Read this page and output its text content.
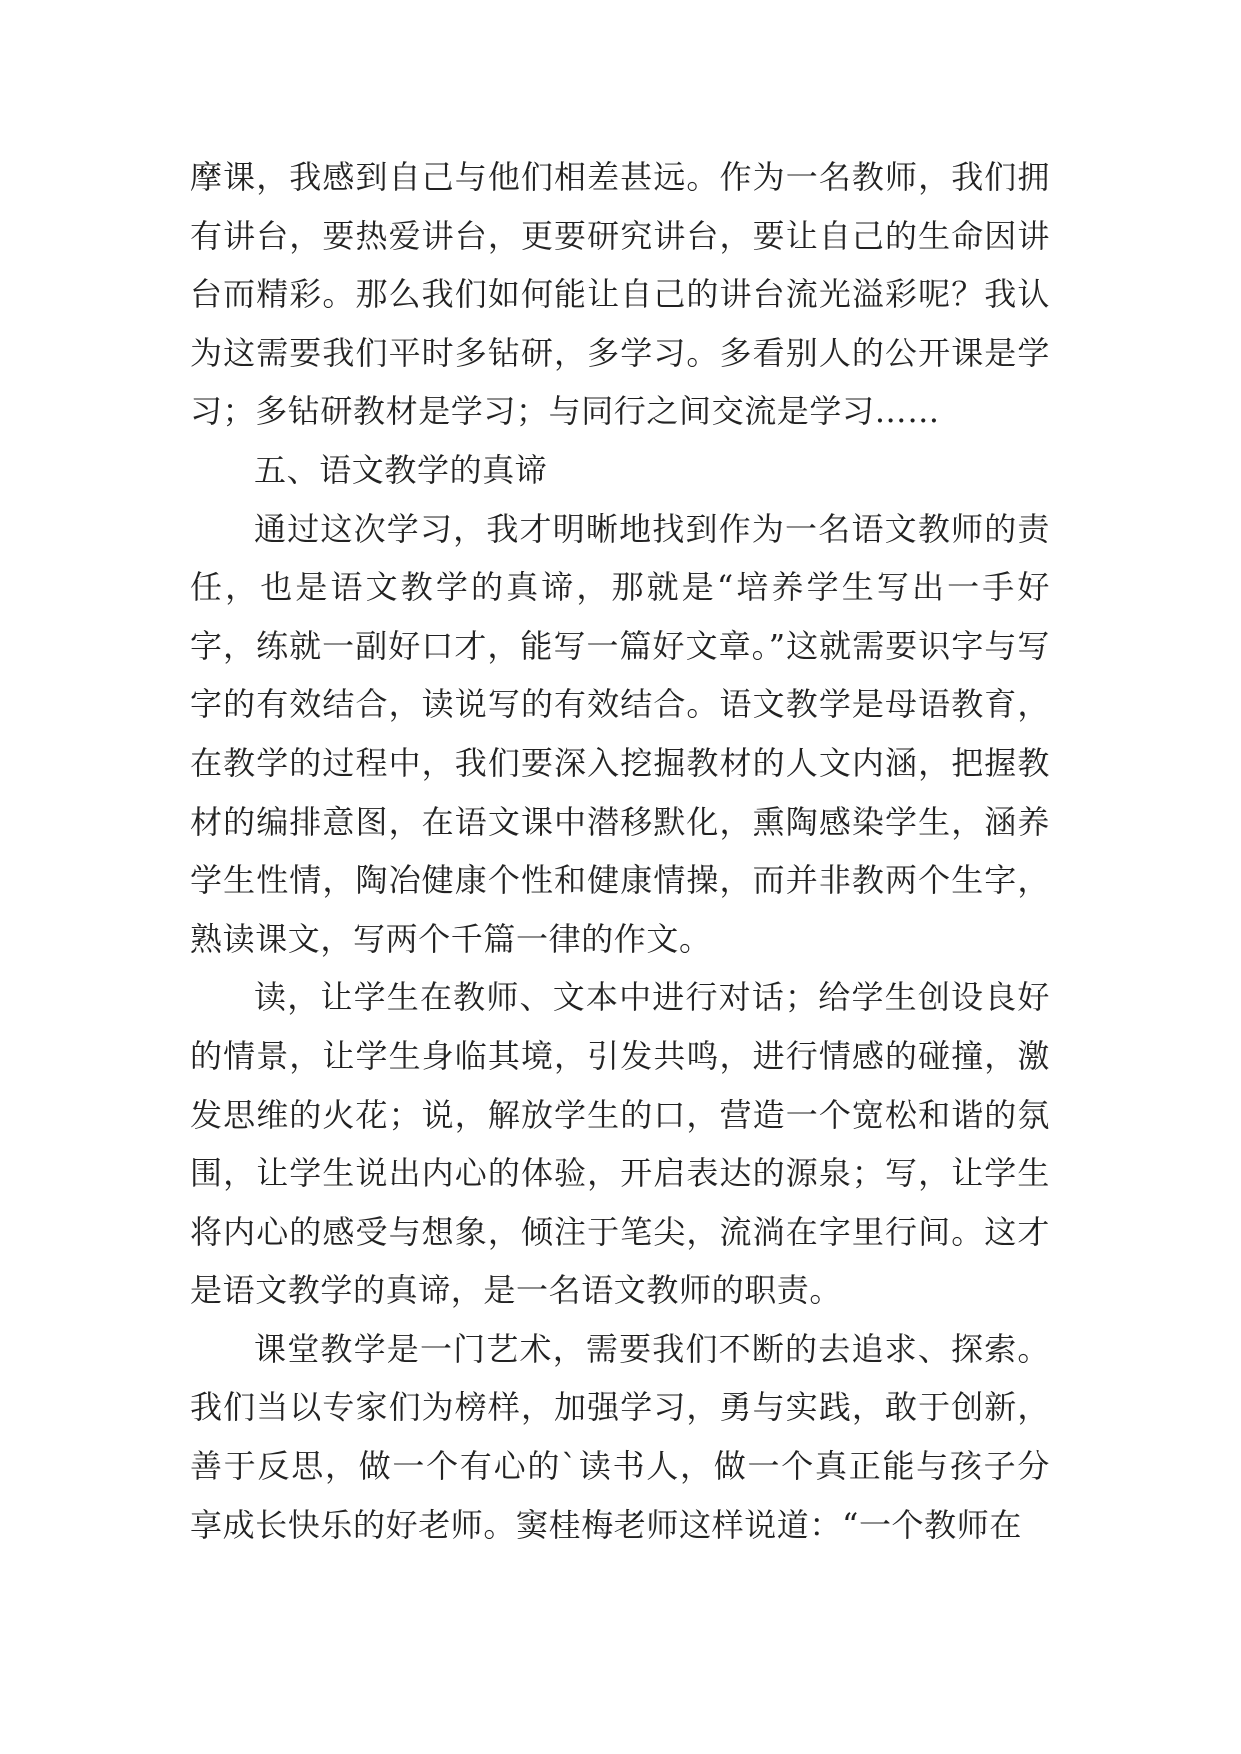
摩课，我感到自己与他们相差甚远。作为一名教师，我们拥有讲台，要热爱讲台，更要研究讲台，要让自己的生命因讲台而精彩。那么我们如何能让自己的讲台流光溢彩呢？我认为这需要我们平时多钻研，多学习。多看别人的公开课是学习；多钻研教材是学习；与同行之间交流是学习……

五、语文教学的真谛

通过这次学习，我才明晰地找到作为一名语文教师的责任，也是语文教学的真谛，那就是“培养学生写出一手好字，练就一副好口才，能写一篇好文章。”这就需要识字与写字的有效结合，读说写的有效结合。语文教学是母语教育，在教学的过程中，我们要深入挖掘教材的人文内涵，把握教材的编排意图，在语文课中潜移默化，熏陶感染学生，涵养学生性情，陶冶健康个性和健康情操，而并非教两个生字，熟读课文，写两个千篇一律的作文。

读，让学生在教师、文本中进行对话；给学生创设良好的情景，让学生身临其境，引发共鸣，进行情感的碰撞，激发思维的火花；说，解放学生的口，营造一个宽松和谐的氛围，让学生说出内心的体验，开启表达的源泉；写，让学生将内心的感受与想象，倾注于笔尖，流淌在字里行间。这才是语文教学的真谛，是一名语文教师的职责。

课堂教学是一门艺术，需要我们不断的去追求、探索。我们当以专家们为榜样，加强学习，勇与实践，敢于创新，善于反思，做一个有心的`读书人，做一个真正能与孩子分享成长快乐的好老师。窦桂梅老师这样说道：“一个教师在
